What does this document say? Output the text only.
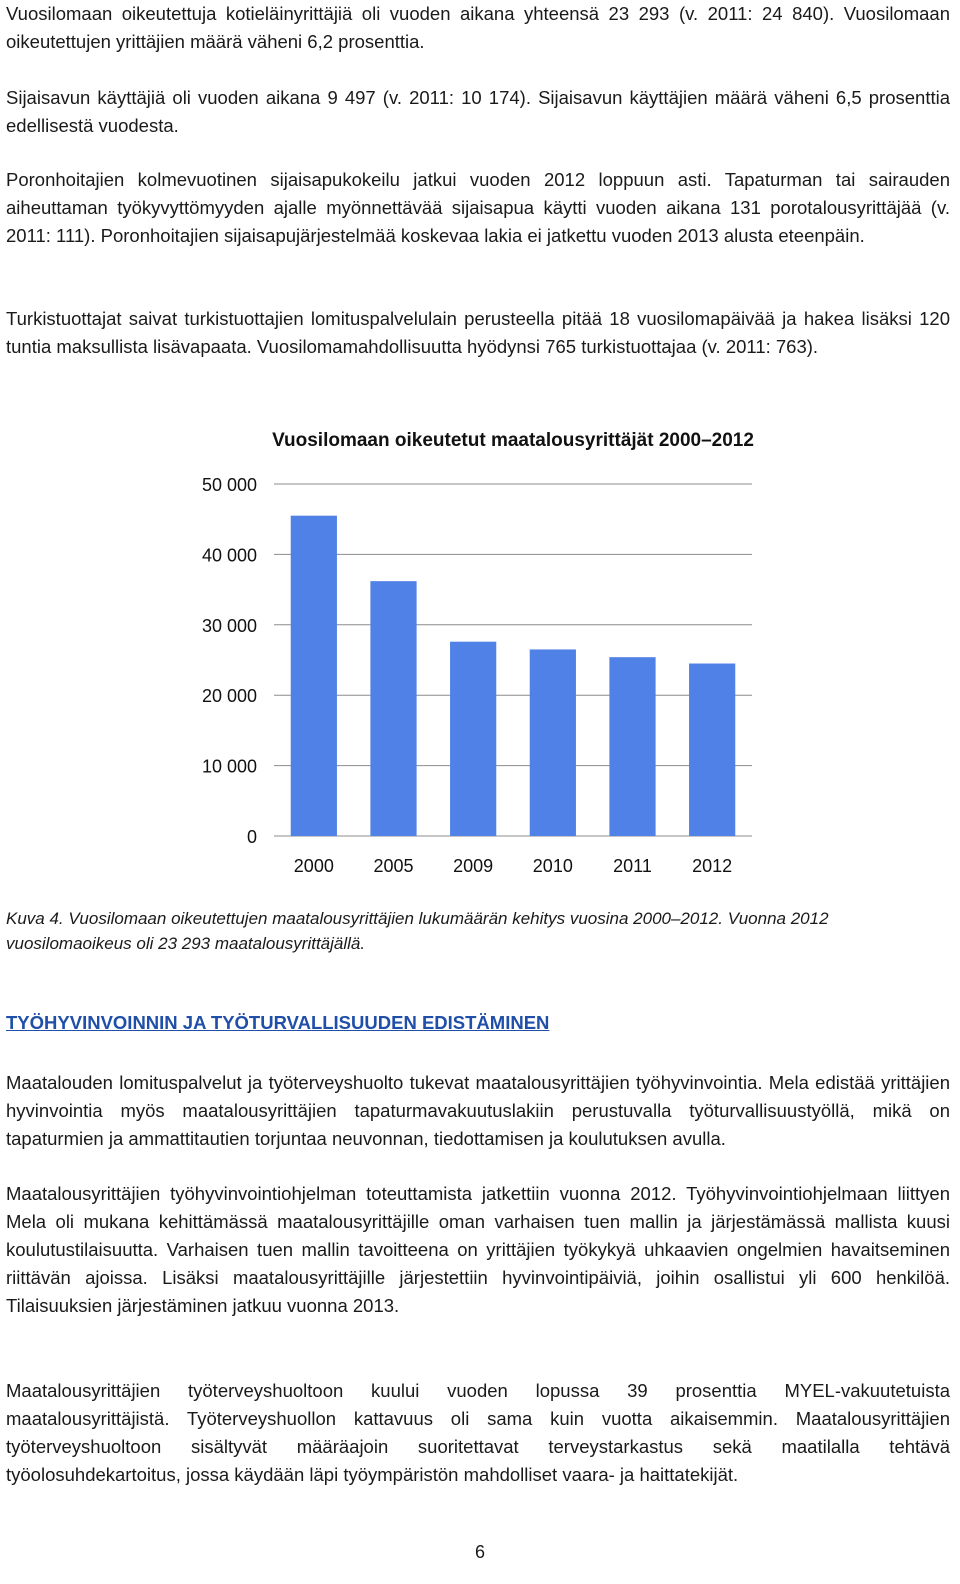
Vuosilomaan oikeutettuja kotieläinyrittäjiä oli vuoden aikana yhteensä 23 293 (v. 2011: 24 840). Vuosilomaan oikeutettujen yrittäjien määrä väheni 6,2 prosenttia.

Sijaisavun käyttäjiä oli vuoden aikana 9 497 (v. 2011: 10 174). Sijaisavun käyttäjien määrä väheni 6,5 prosenttia edellisestä vuodesta.

Poronhoitajien kolmevuotinen sijaisapukokeilu jatkui vuoden 2012 loppuun asti. Tapaturman tai sairauden aiheuttaman työkyvyttömyyden ajalle myönnettävää sijaisapua käytti vuoden aikana 131 porotalousyrittäjää (v. 2011: 111). Poronhoitajien sijaisapujärjestelmää koskevaa lakia ei jatkettu vuoden 2013 alusta eteenpäin.

Turkistuottajat saivat turkistuottajien lomituspalvelulain perusteella pitää 18 vuosilomapäivää ja hakea lisäksi 120 tuntia maksullista lisävapaata. Vuosilomamahdollisuutta hyödynsi 765 turkistuottajaa (v. 2011: 763).

Vuosilomaan oikeutetut maatalousyrittäjät 2000–2012
0
10 000
20 000
30 000
40 000
50 000
2000 2005 2009 2010 2011 2012

Kuva 4. Vuosilomaan oikeutettujen maatalousyrittäjien lukumäärän kehitys vuosina 2000–2012. Vuonna 2012 vuosilomaoikeus oli 23 293 maatalousyrittäjällä.

TYÖHYVINVOINNIN JA TYÖTURVALLISUUDEN EDISTÄMINEN

Maatalouden lomituspalvelut ja työterveyshuolto tukevat maatalousyrittäjien työhyvinvointia. Mela edistää yrittäjien hyvinvointia myös maatalousyrittäjien tapaturmavakuutuslakiin perustuvalla työturvallisuustyöllä, mikä on tapaturmien ja ammattitautien torjuntaa neuvonnan, tiedottamisen ja koulutuksen avulla.

Maatalousyrittäjien työhyvinvointiohjelman toteuttamista jatkettiin vuonna 2012. Työhyvinvointiohjelmaan liittyen Mela oli mukana kehittämässä maatalousyrittäjille oman varhaisen tuen mallin ja järjestämässä mallista kuusi koulutustilaisuutta. Varhaisen tuen mallin tavoitteena on yrittäjien työkykyä uhkaavien ongelmien havaitseminen riittävän ajoissa. Lisäksi maatalousyrittäjille järjestettiin hyvinvointipäiviä, joihin osallistui yli 600 henkilöä. Tilaisuuksien järjestäminen jatkuu vuonna 2013.

Maatalousyrittäjien työterveyshuoltoon kuului vuoden lopussa 39 prosenttia MYEL-vakuutetuista maatalousyrittäjistä. Työterveyshuollon kattavuus oli sama kuin vuotta aikaisemmin. Maatalousyrittäjien työterveyshuoltoon sisältyvät määräajoin suoritettavat terveystarkastus sekä maatilalla tehtävä työolosuhdekartoitus, jossa käydään läpi työympäristön mahdolliset vaara- ja haittatekijät.

6
